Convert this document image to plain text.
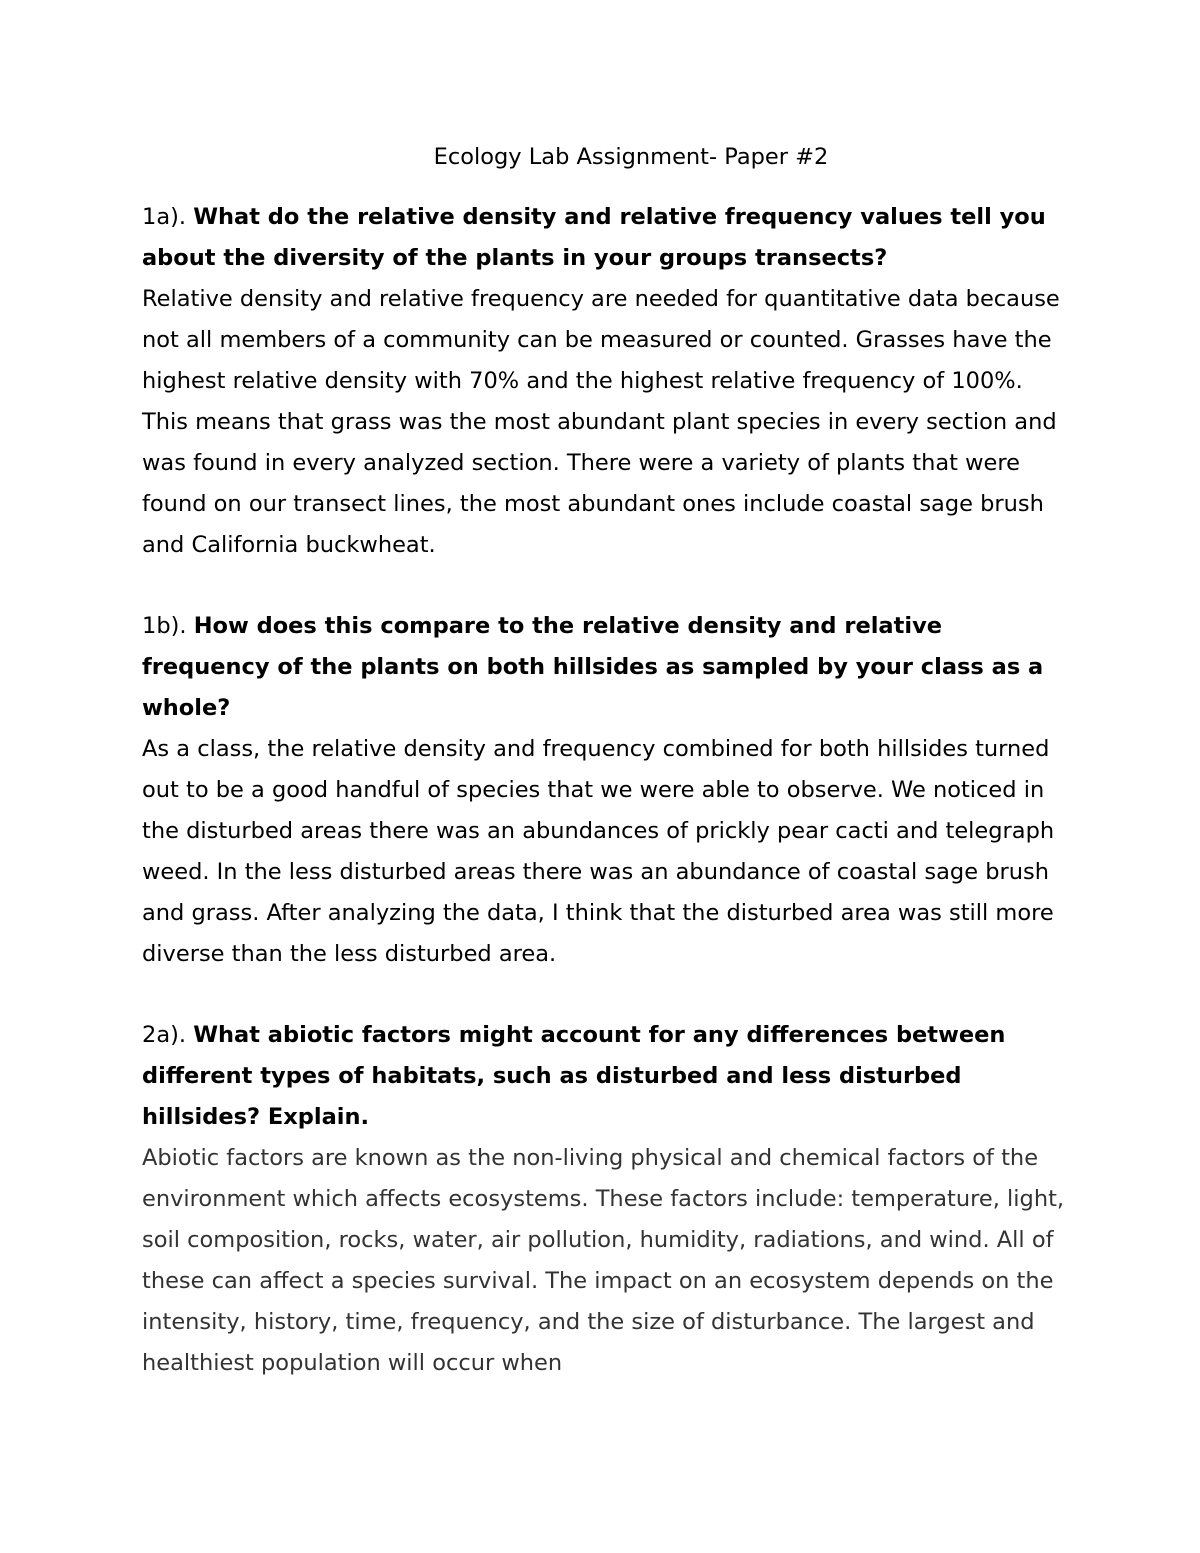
Ecology Lab Assignment- Paper #2

1a). What do the relative density and relative frequency values tell you about the diversity of the plants in your groups transects?

Relative density and relative frequency are needed for quantitative data because not all members of a community can be measured or counted. Grasses have the highest relative density with 70% and the highest relative frequency of 100%. This means that grass was the most abundant plant species in every section and was found in every analyzed section. There were a variety of plants that were found on our transect lines, the most abundant ones include coastal sage brush and California buckwheat.

1b). How does this compare to the relative density and relative frequency of the plants on both hillsides as sampled by your class as a whole?

As a class, the relative density and frequency combined for both hillsides turned out to be a good handful of species that we were able to observe. We noticed in the disturbed areas there was an abundances of prickly pear cacti and telegraph weed. In the less disturbed areas there was an abundance of coastal sage brush and grass. After analyzing the data, I think that the disturbed area was still more diverse than the less disturbed area.

2a). What abiotic factors might account for any differences between different types of habitats, such as disturbed and less disturbed hillsides? Explain.

Abiotic factors are known as the non-living physical and chemical factors of the environment which affects ecosystems. These factors include: temperature, light, soil composition, rocks, water, air pollution, humidity, radiations, and wind. All of these can affect a species survival. The impact on an ecosystem depends on the intensity, history, time, frequency, and the size of disturbance. The largest and healthiest population will occur when
